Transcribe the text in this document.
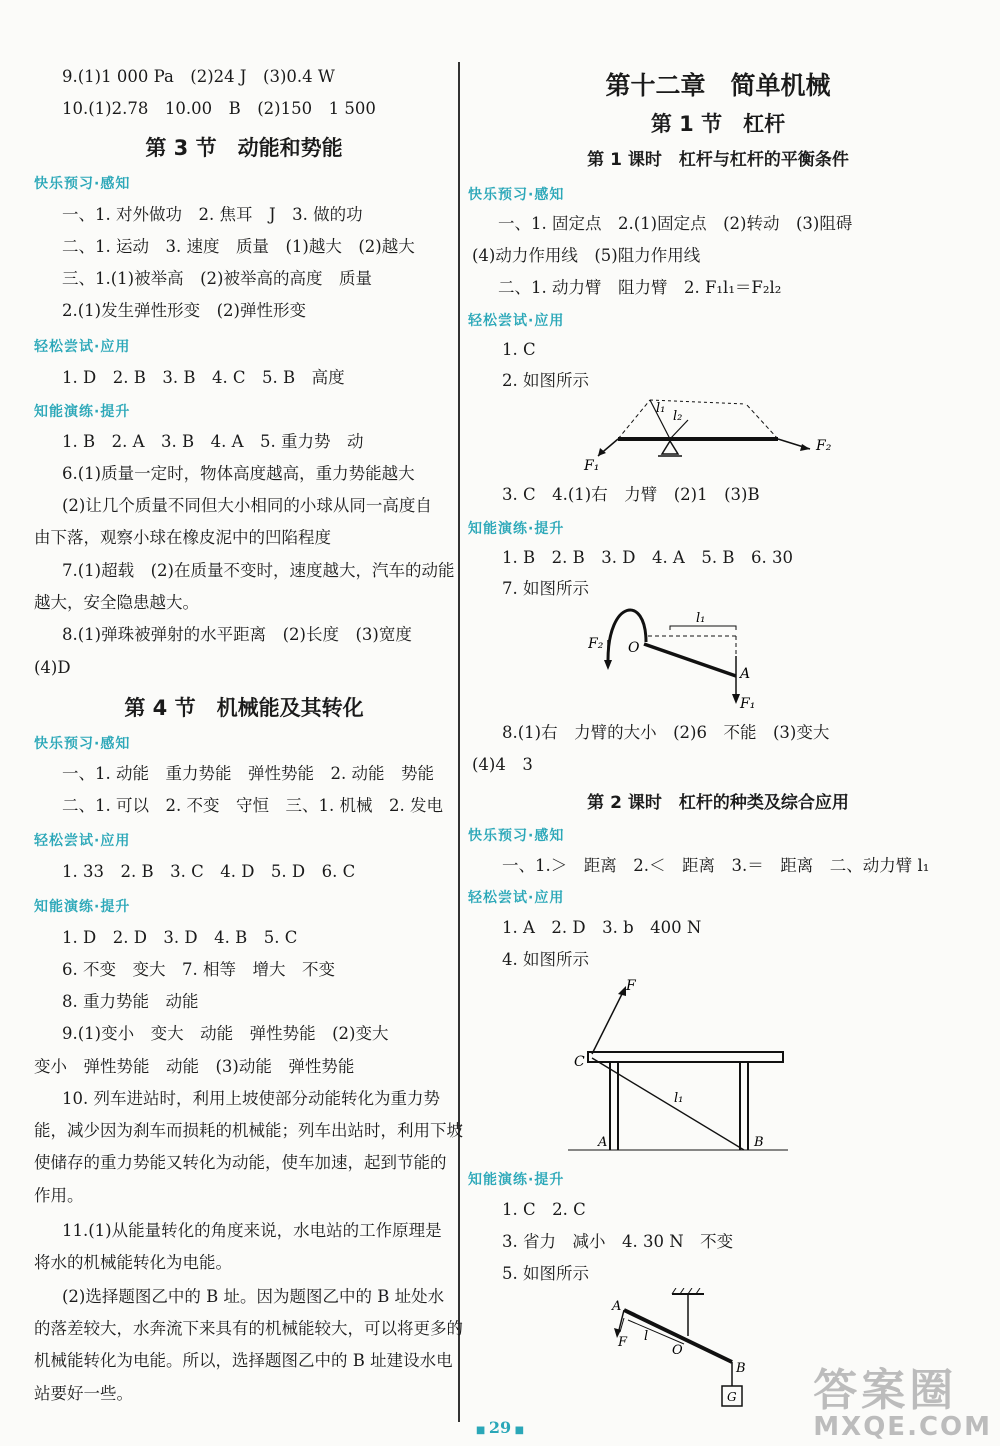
9.(1)1 000 Pa　(2)24 J　(3)0.4 W
10.(1)2.78　10.00　B　(2)150　1 500
第 3 节　动能和势能
快乐预习·感知
一、1. 对外做功　2. 焦耳　J　3. 做的功
二、1. 运动　3. 速度　质量　(1)越大　(2)越大
三、1.(1)被举高　(2)被举高的高度　质量
2.(1)发生弹性形变　(2)弹性形变
轻松尝试·应用
1. D　2. B　3. B　4. C　5. B　高度
知能演练·提升
1. B　2. A　3. B　4. A　5. 重力势　动
6.(1)质量一定时，物体高度越高，重力势能越大
(2)让几个质量不同但大小相同的小球从同一高度自
由下落，观察小球在橡皮泥中的凹陷程度
7.(1)超载　(2)在质量不变时，速度越大，汽车的动能
越大，安全隐患越大。
8.(1)弹珠被弹射的水平距离　(2)长度　(3)宽度
(4)D
第 4 节　机械能及其转化
快乐预习·感知
一、1. 动能　重力势能　弹性势能　2. 动能　势能
二、1. 可以　2. 不变　守恒　三、1. 机械　2. 发电
轻松尝试·应用
1. 33　2. B　3. C　4. D　5. D　6. C
知能演练·提升
1. D　2. D　3. D　4. B　5. C
6. 不变　变大　7. 相等　增大　不变
8. 重力势能　动能
9.(1)变小　变大　动能　弹性势能　(2)变大
变小　弹性势能　动能　(3)动能　弹性势能
10. 列车进站时，利用上坡使部分动能转化为重力势
能，减少因为刹车而损耗的机械能；列车出站时，利用下坡
使储存的重力势能又转化为动能，使车加速，起到节能的
作用。
11.(1)从能量转化的角度来说，水电站的工作原理是
将水的机械能转化为电能。
(2)选择题图乙中的 B 址。因为题图乙中的 B 址处水
的落差较大，水奔流下来具有的机械能较大，可以将更多的
机械能转化为电能。所以，选择题图乙中的 B 址建设水电
站要好一些。
第十二章　简单机械
第 1 节　杠杆
第 1 课时　杠杆与杠杆的平衡条件
快乐预习·感知
一、1. 固定点　2.(1)固定点　(2)转动　(3)阻碍
(4)动力作用线　(5)阻力作用线
二、1. 动力臂　阻力臂　2. F₁l₁＝F₂l₂
轻松尝试·应用
1. C
2. 如图所示
l₁
l₂
F₁
F₂
3. C　4.(1)右　力臂　(2)1　(3)B
知能演练·提升
1. B　2. B　3. D　4. A　5. B　6. 30
7. 如图所示
l₁
F₂ O
A
F₁
8.(1)右　力臂的大小　(2)6　不能　(3)变大
(4)4　3
第 2 课时　杠杆的种类及综合应用
快乐预习·感知
一、1.＞　距离　2.＜　距离　3.＝　距离　二、动力臂 l₁
轻松尝试·应用
1. A　2. D　3. b　400 N
4. 如图所示
F
C
l₁
A	B
知能演练·提升
1. C　2. C
3. 省力　减小　4. 30 N　不变
5. 如图所示
A
F l
O
B
G
■ 29 ■
答案圈
MXQE.COM
